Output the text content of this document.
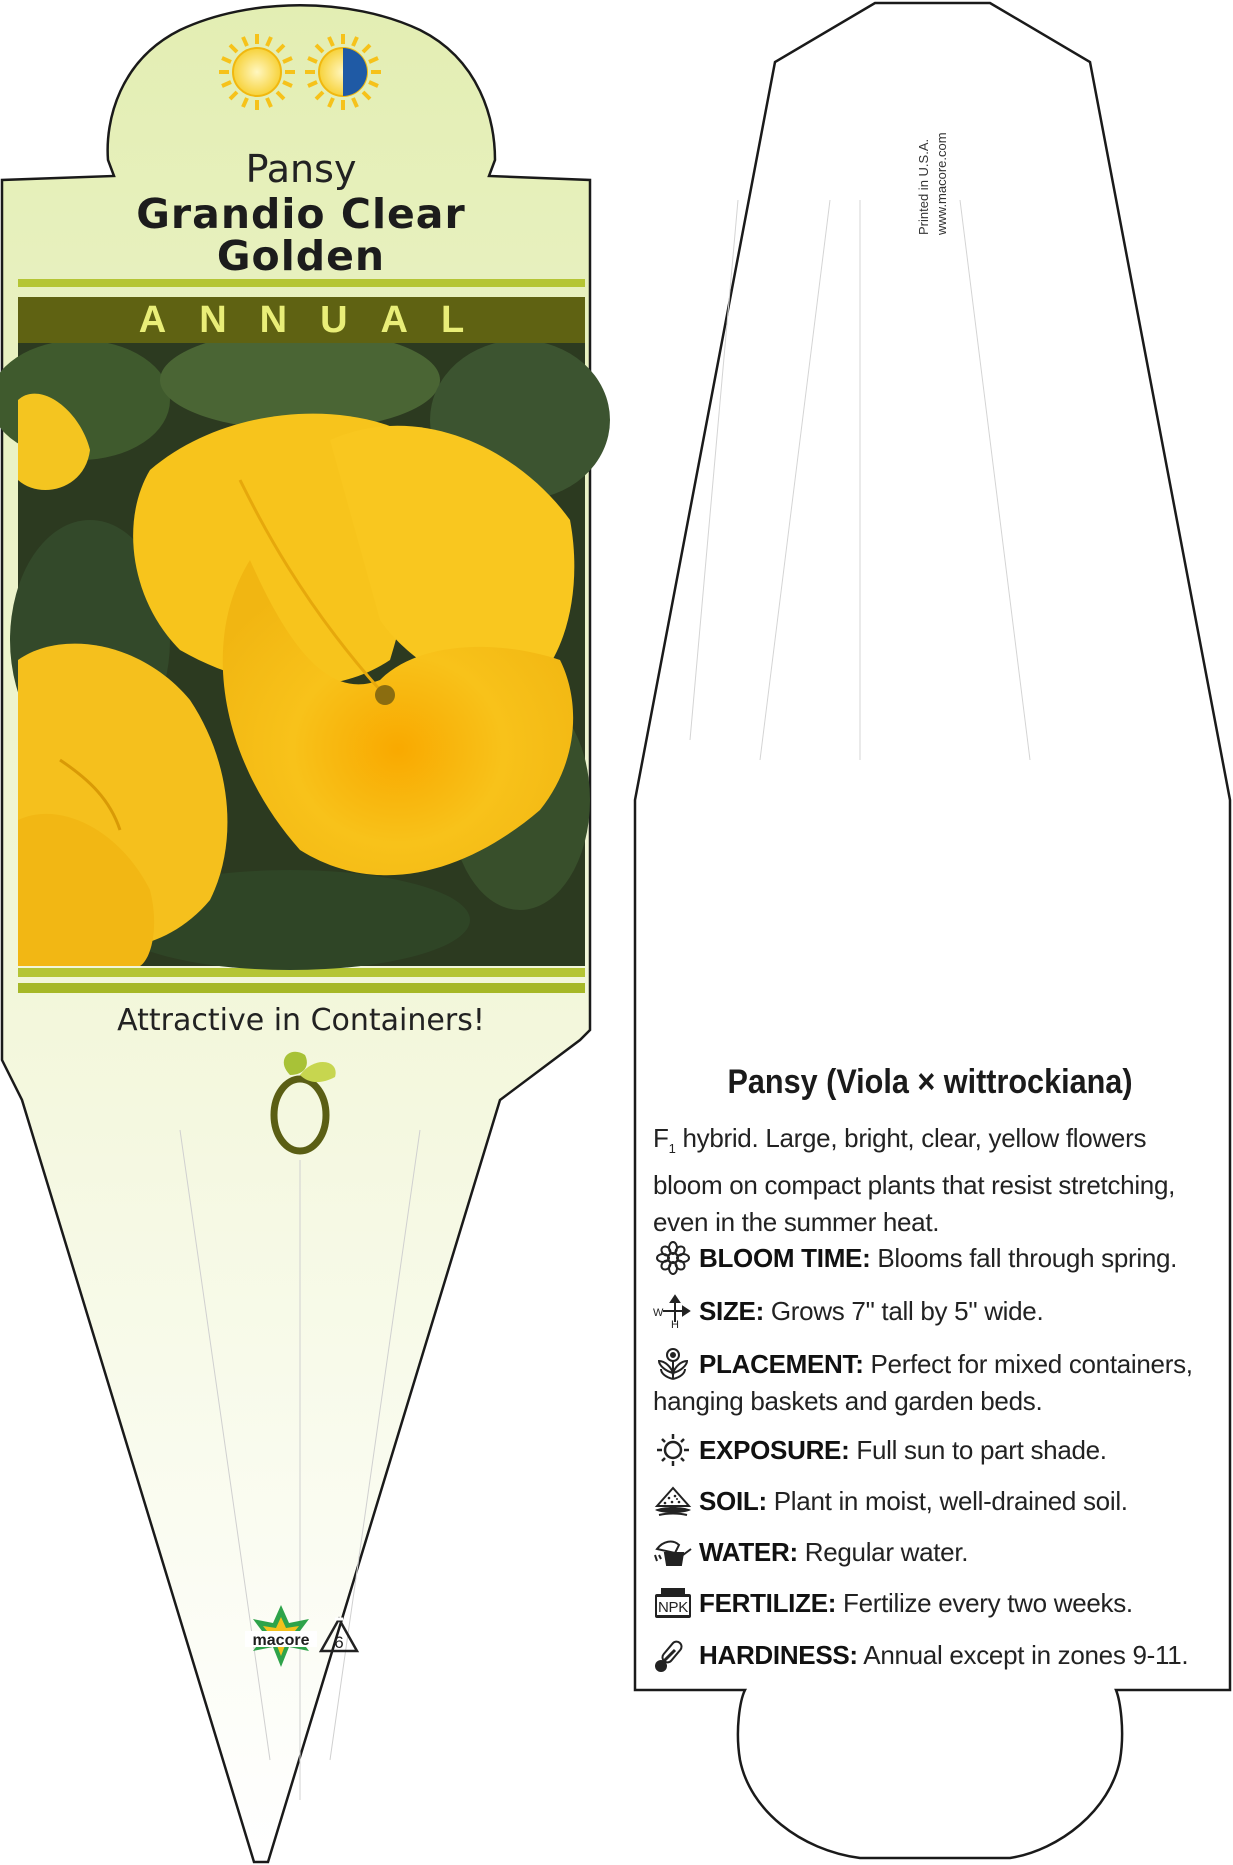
macore 6
Pansy
Grandio Clear
Golden
ANNUAL
Attractive in Containers!
Printed in U.S.A. www.macore.com
Pansy (Viola × wittrockiana)
$F_1$ hybrid. Large, bright, clear, yellow flowers bloom on compact plants that resist stretching, even in the summer heat.
BLOOM TIME: Blooms fall through spring.
W
H SIZE: Grows 7" tall by 5" wide.
PLACEMENT: Perfect for mixed containers, hanging baskets and garden beds.
EXPOSURE: Full sun to part shade.
SOIL: Plant in moist, well-drained soil.
WATER: Regular water.
NPK FERTILIZE: Fertilize every two weeks.
HARDINESS: Annual except in zones 9-11.
